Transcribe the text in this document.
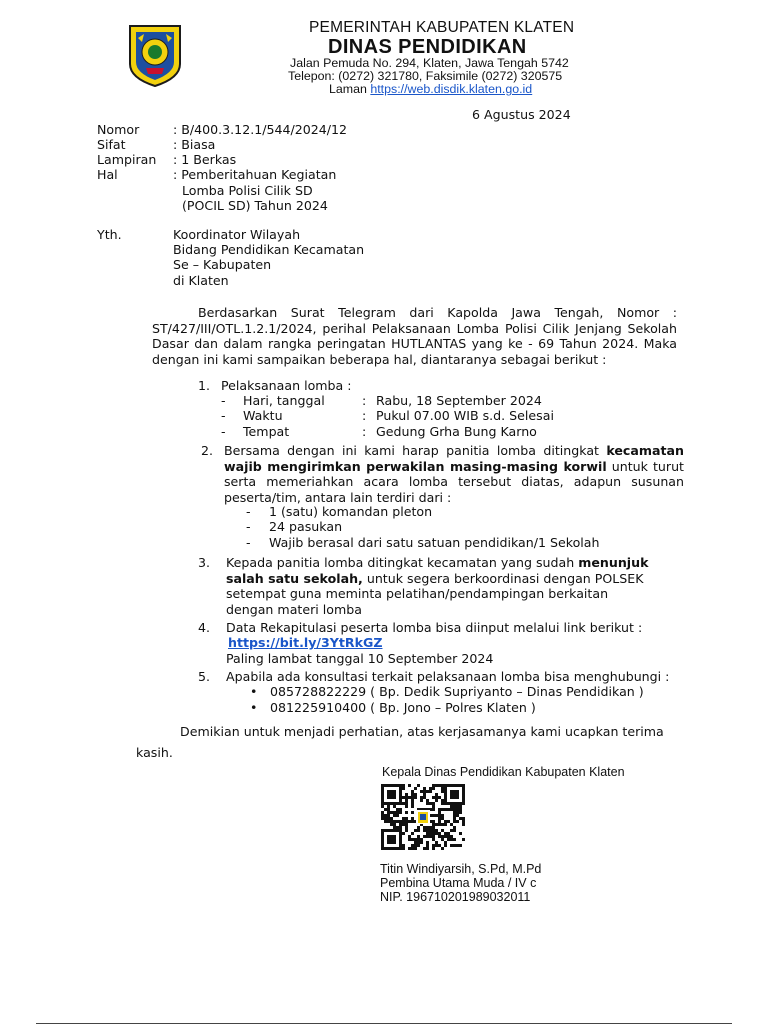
PEMERINTAH KABUPATEN KLATEN
DINAS PENDIDIKAN
Jalan Pemuda No. 294, Klaten, Jawa Tengah 5742
Telepon: (0272) 321780, Faksimile (0272) 320575
Laman https://web.disdik.klaten.go.id
6 Agustus 2024
Nomor	: B/400.3.12.1/544/2024/12
Sifat	: Biasa
Lampiran : 1 Berkas
Hal	: Pemberitahuan Kegiatan
Lomba Polisi Cilik SD
(POCIL SD) Tahun 2024
Yth.	Koordinator Wilayah
Bidang Pendidikan Kecamatan
Se – Kabupaten
di Klaten
Berdasarkan Surat Telegram dari Kapolda Jawa Tengah, Nomor : ST/427/III/OTL.1.2.1/2024, perihal Pelaksanaan Lomba Polisi Cilik Jenjang Sekolah Dasar dan dalam rangka peringatan HUTLANTAS yang ke - 69 Tahun 2024. Maka dengan ini kami sampaikan beberapa hal, diantaranya sebagai berikut :
1. Pelaksanaan lomba :
- Hari, tanggal	: Rabu, 18 September 2024
- Waktu	: Pukul 07.00 WIB s.d. Selesai
- Tempat	: Gedung Grha Bung Karno
2. Bersama dengan ini kami harap panitia lomba ditingkat kecamatan wajib mengirimkan perwakilan masing-masing korwil untuk turut serta memeriahkan acara lomba tersebut diatas, adapun susunan peserta/tim, antara lain terdiri dari :
- 1 (satu) komandan pleton
- 24 pasukan
- Wajib berasal dari satu satuan pendidikan/1 Sekolah
3. Kepada panitia lomba ditingkat kecamatan yang sudah menunjuk salah satu sekolah, untuk segera berkoordinasi dengan POLSEK setempat guna meminta pelatihan/pendampingan berkaitan dengan materi lomba
4. Data Rekapitulasi peserta lomba bisa diinput melalui link berikut :
https://bit.ly/3YtRkGZ
Paling lambat tanggal 10 September 2024
5. Apabila ada konsultasi terkait pelaksanaan lomba bisa menghubungi :
• 085728822229 ( Bp. Dedik Supriyanto – Dinas Pendidikan )
• 081225910400 ( Bp. Jono – Polres Klaten )
Demikian untuk menjadi perhatian, atas kerjasamanya kami ucapkan terima
kasih.
Kepala Dinas Pendidikan Kabupaten Klaten
Titin Windiyarsih, S.Pd, M.Pd
Pembina Utama Muda / IV c
NIP. 196710201989032011
